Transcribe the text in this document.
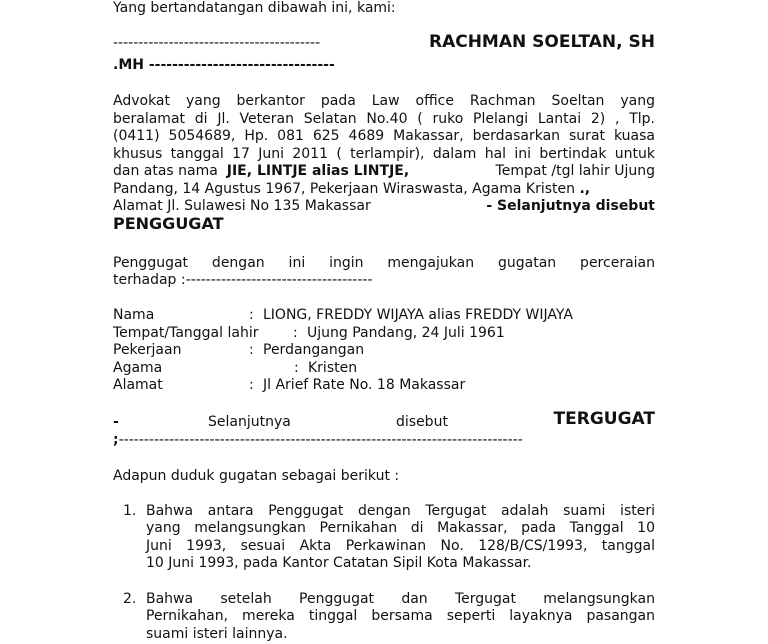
Yang bertandatangan dibawah ini, kami:
-----------------------------------------	RACHMAN SOELTAN, SH
.MH --------------------------------
Advokat yang berkantor pada Law office Rachman Soeltan yang
beralamat di Jl. Veteran Selatan No.40 ( ruko Plelangi Lantai 2) , Tlp.
(0411) 5054689, Hp. 081 625 4689 Makassar, berdasarkan surat kuasa
khusus tanggal 17 Juni 2011 ( terlampir), dalam hal ini bertindak untuk
dan atas nama JIE, LINTJE alias LINTJE,	Tempat /tgl lahir Ujung
Pandang, 14 Agustus 1967, Pekerjaan Wiraswasta, Agama Kristen .,
Alamat Jl. Sulawesi No 135 Makassar	- Selanjutnya disebut
PENGGUGAT
Penggugat dengan ini ingin mengajukan gugatan perceraian
terhadap :-------------------------------------
Nama	: LIONG, FREDDY WIJAYA alias FREDDY WIJAYA
Tempat/Tanggal lahir : Ujung Pandang, 24 Juli 1961
Pekerjaan	: Perdangangan
Agama	: Kristen
Alamat	: Jl Arief Rate No. 18 Makassar
-	Selanjutnya	disebut	TERGUGAT
;--------------------------------------------------------------------------------
Adapun duduk gugatan sebagai berikut :
1. Bahwa antara Penggugat dengan Tergugat adalah suami isteri
yang melangsungkan Pernikahan di Makassar, pada Tanggal 10
Juni 1993, sesuai Akta Perkawinan No. 128/B/CS/1993, tanggal
10 Juni 1993, pada Kantor Catatan Sipil Kota Makassar.
2. Bahwa setelah Penggugat dan Tergugat melangsungkan
Pernikahan, mereka tinggal bersama seperti layaknya pasangan
suami isteri lainnya.
